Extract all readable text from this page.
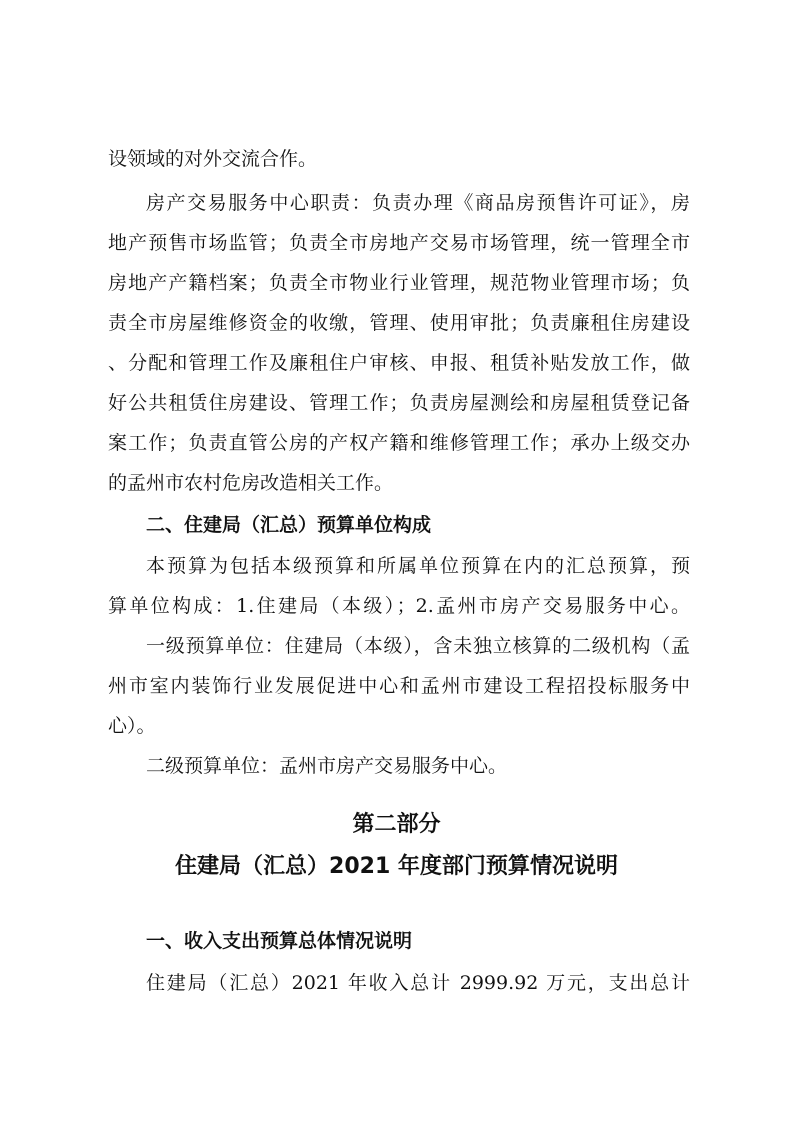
设领域的对外交流合作。
房产交易服务中心职责：负责办理《商品房预售许可证》，房
地产预售市场监管；负责全市房地产交易市场管理，统一管理全市
房地产产籍档案；负责全市物业行业管理，规范物业管理市场；负
责全市房屋维修资金的收缴，管理、使用审批；负责廉租住房建设
、分配和管理工作及廉租住户审核、申报、租赁补贴发放工作，做
好公共租赁住房建设、管理工作；负责房屋测绘和房屋租赁登记备
案工作；负责直管公房的产权产籍和维修管理工作；承办上级交办
的孟州市农村危房改造相关工作。
二、住建局（汇总）预算单位构成
本预算为包括本级预算和所属单位预算在内的汇总预算，预
算单位构成：1.住建局（本级）；2.孟州市房产交易服务中心。
一级预算单位：住建局（本级），含未独立核算的二级机构（孟
州市室内装饰行业发展促进中心和孟州市建设工程招投标服务中
心）。
二级预算单位：孟州市房产交易服务中心。
第二部分
住建局（汇总）2021 年度部门预算情况说明
一、收入支出预算总体情况说明
住建局（汇总）2021 年收入总计 2999.92 万元，支出总计
